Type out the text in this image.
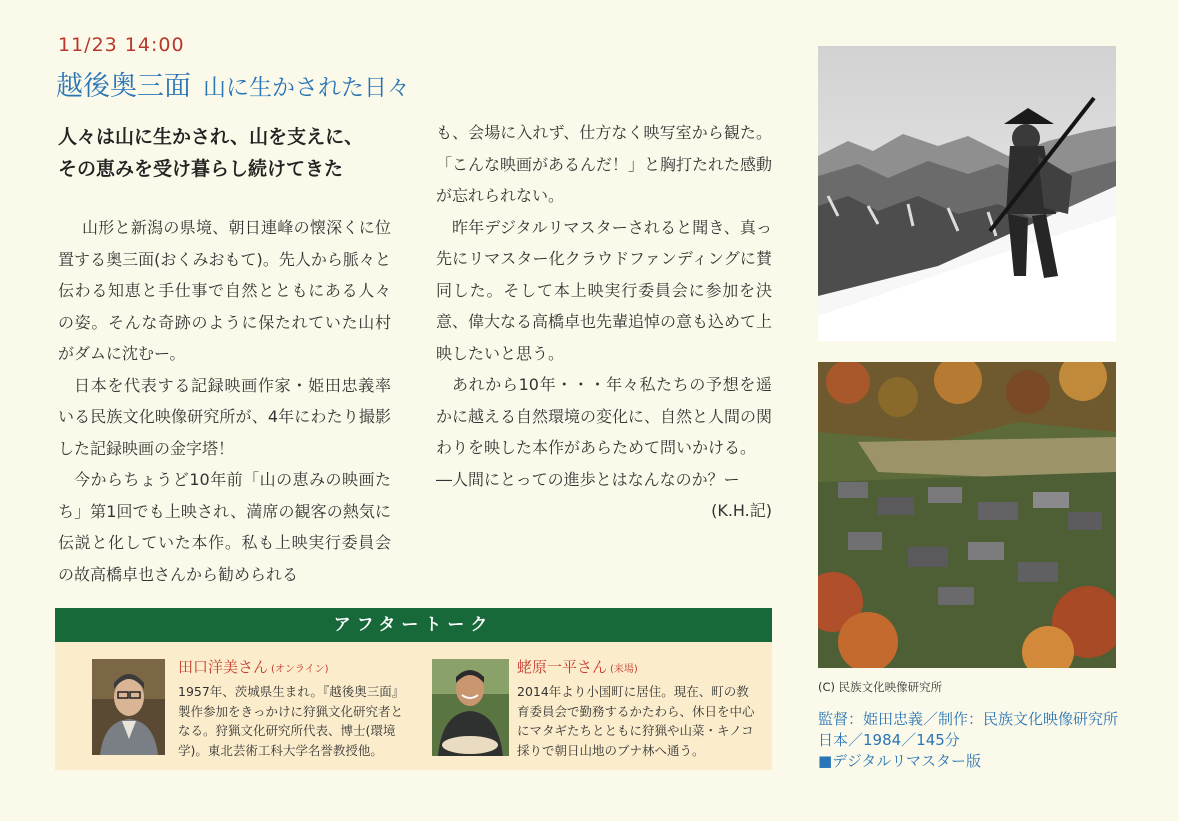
11/23 14:00
越後奥三面 山に生かされた日々
人々は山に生かされ、山を支えに、
その恵みを受け暮らし続けてきた

山形と新潟の県境、朝日連峰の懐深くに位置する奥三面(おくみおもて)。先人から脈々と伝わる知恵と手仕事で自然とともにある人々の姿。そんな奇跡のように保たれていた山村がダムに沈むー。

日本を代表する記録映画作家・姫田忠義率いる民族文化映像研究所が、4年にわたり撮影した記録映画の金字塔！

今からちょうど10年前「山の恵みの映画たち」第1回でも上映され、満席の観客の熱気に伝説と化していた本作。私も上映実行委員会の故高橋卓也さんから勧められる

も、会場に入れず、仕方なく映写室から観た。「こんな映画があるんだ！」と胸打たれた感動が忘れられない。

昨年デジタルリマスターされると聞き、真っ先にリマスター化クラウドファンディングに賛同した。そして本上映実行委員会に参加を決意、偉大なる高橋卓也先輩追悼の意も込めて上映したいと思う。

あれから10年・・・年々私たちの予想を遥かに越える自然環境の変化に、自然と人間の関わりを映した本作があらためて問いかける。

―人間にとっての進歩とはなんなのか？ー

(K.H.記)
アフタートーク
田口洋美さん (オンライン)
1957年、茨城県生まれ。『越後奥三面』製作参加をきっかけに狩猟文化研究者となる。狩猟文化研究所代表、博士(環境学)。東北芸術工科大学名誉教授他。
蛯原一平さん (来場)
2014年より小国町に居住。現在、町の教育委員会で勤務するかたわら、休日を中心にマタギたちとともに狩猟や山菜・キノコ採りで朝日山地のブナ林へ通う。
(C) 民族文化映像研究所
監督：姫田忠義／制作：民族文化映像研究所
日本／1984／145分
■デジタルリマスター版
